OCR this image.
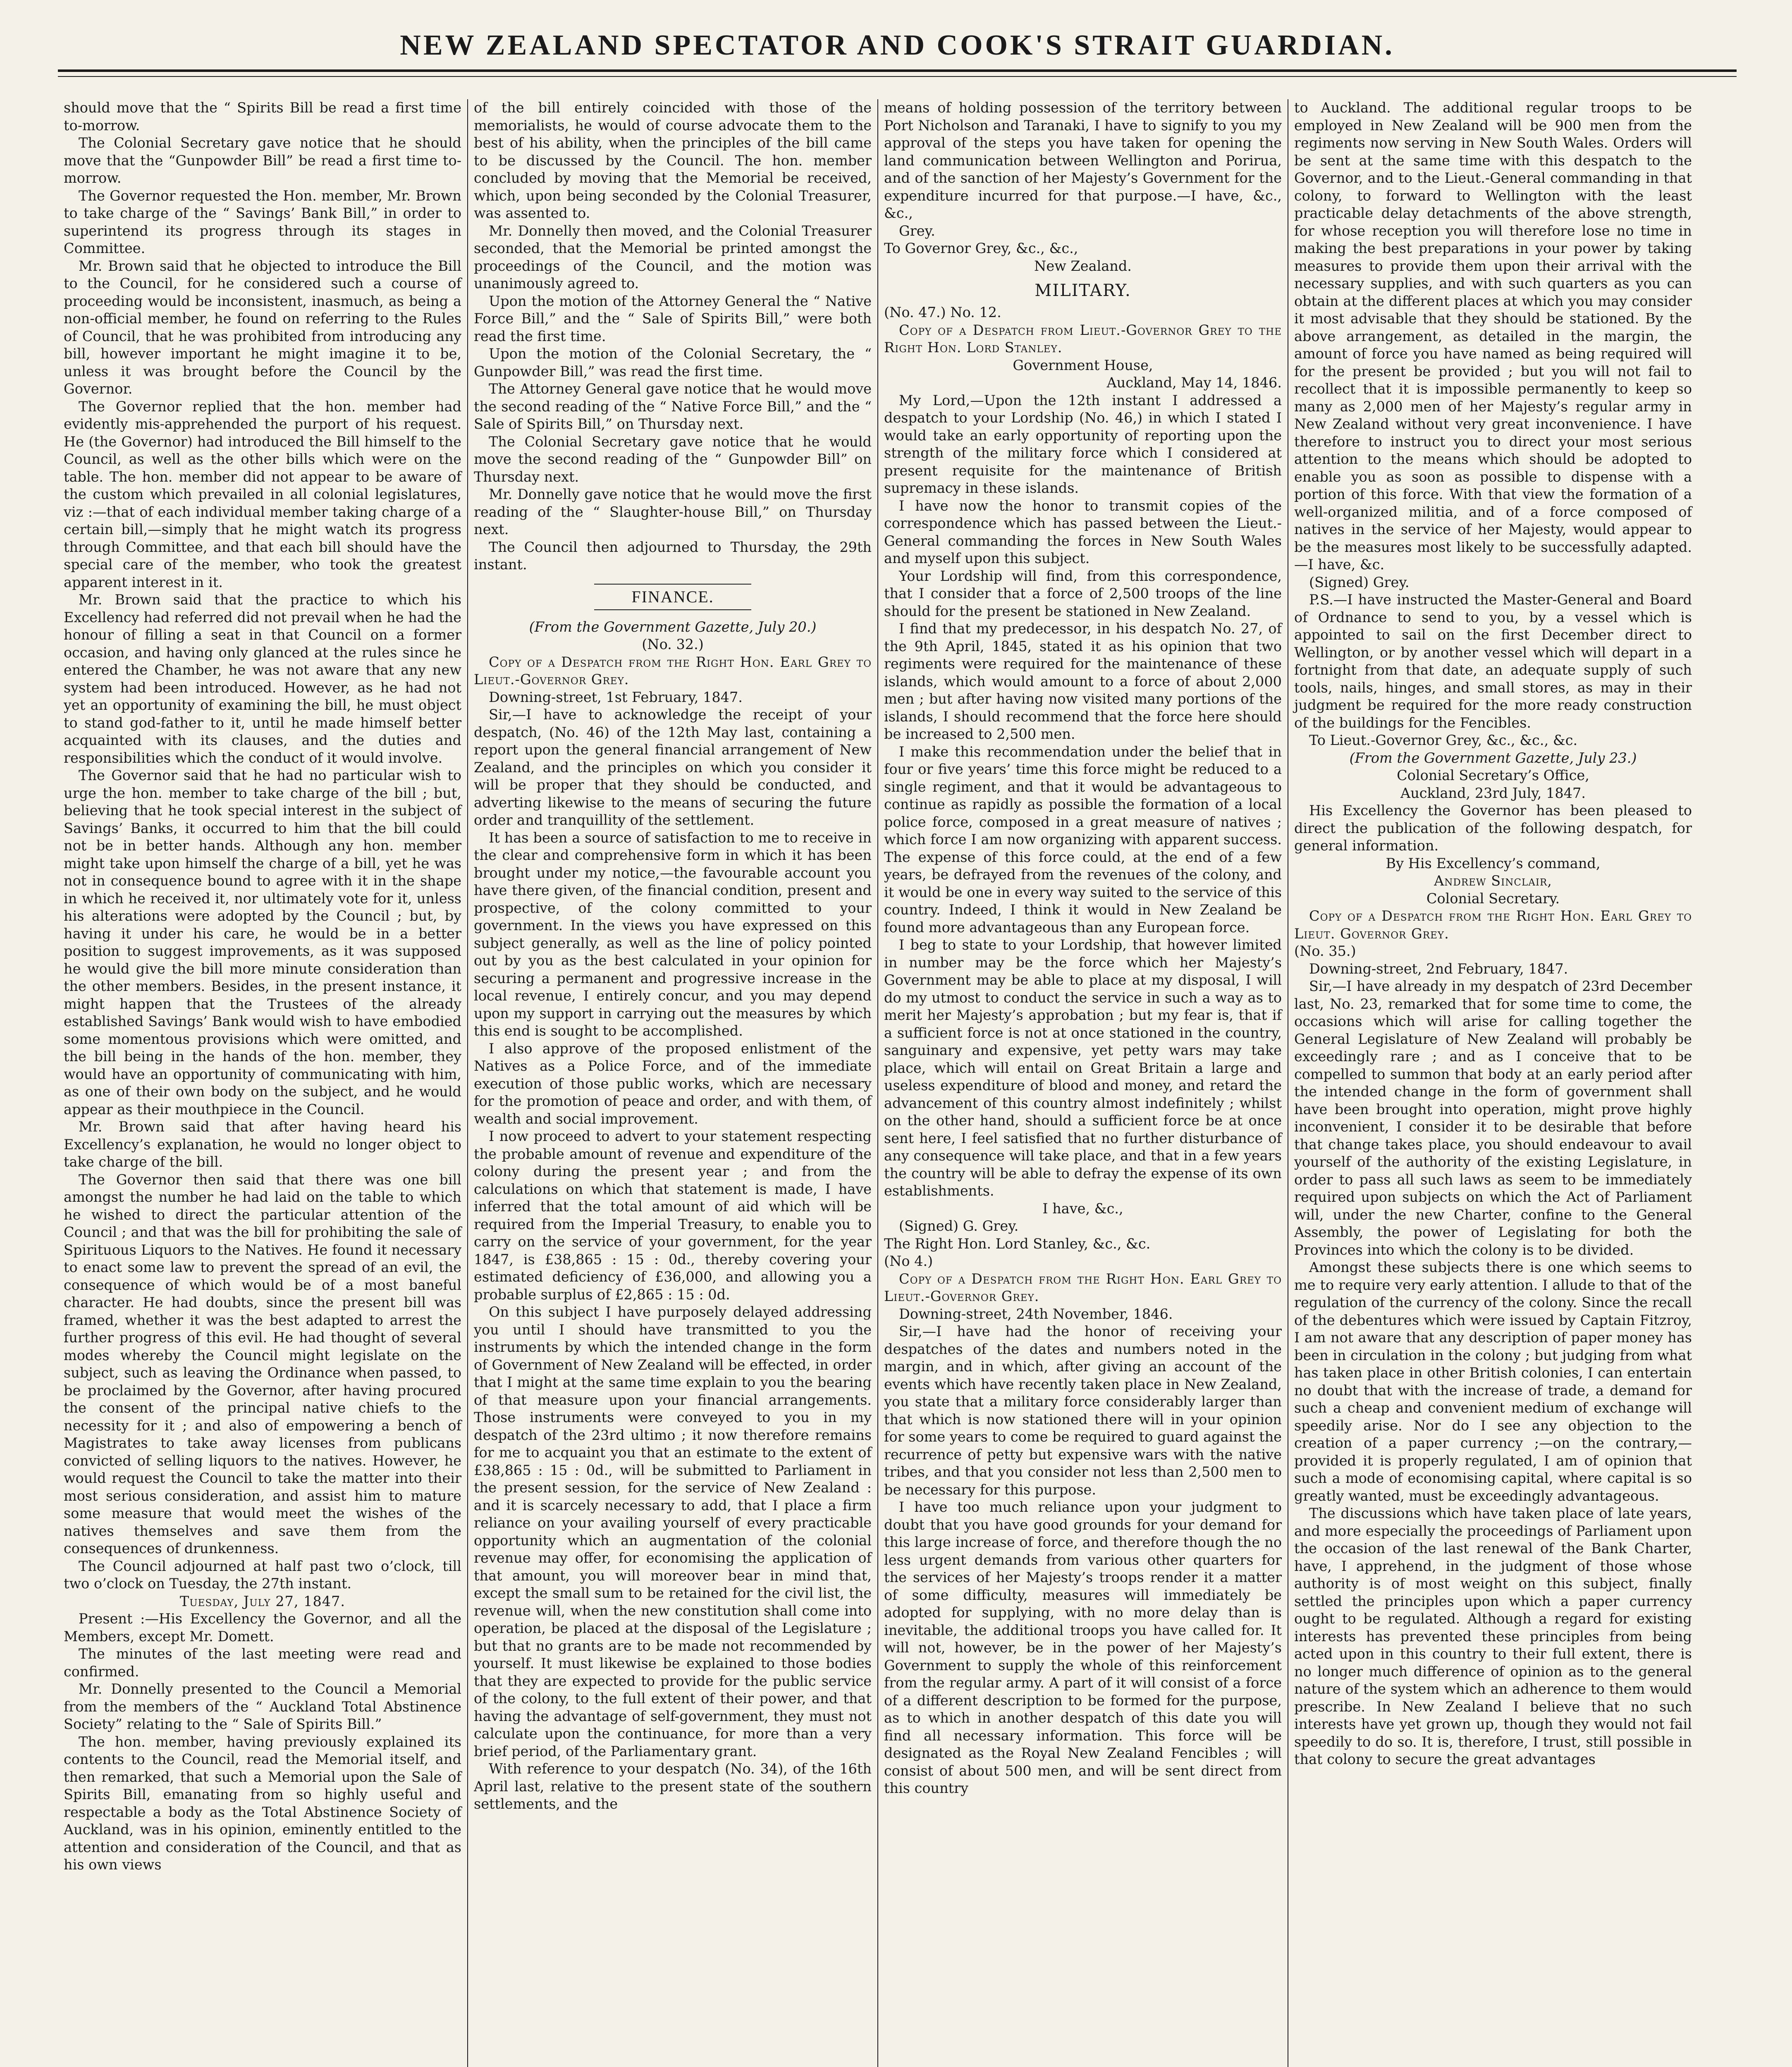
NEW ZEALAND SPECTATOR AND COOK'S STRAIT GUARDIAN.

should move that the “ Spirits Bill be read a first time to-morrow.

The Colonial Secretary gave notice that he should move that the “Gunpowder Bill” be read a first time to-morrow.

The Governor requested the Hon. member, Mr. Brown to take charge of the “ Savings’ Bank Bill,” in order to superintend its progress through its stages in Committee.

Mr. Brown said that he objected to introduce the Bill to the Council, for he considered such a course of proceeding would be inconsistent, inasmuch, as being a non-official member, he found on referring to the Rules of Council, that he was prohibited from introducing any bill, however important he might imagine it to be, unless it was brought before the Council by the Governor.

The Governor replied that the hon. member had evidently mis-apprehended the purport of his request. He (the Governor) had introduced the Bill himself to the Council, as well as the other bills which were on the table. The hon. member did not appear to be aware of the custom which prevailed in all colonial legislatures, viz :—that of each individual member taking charge of a certain bill,—simply that he might watch its progress through Committee, and that each bill should have the special care of the member, who took the greatest apparent interest in it.

Mr. Brown said that the practice to which his Excellency had referred did not prevail when he had the honour of filling a seat in that Council on a former occasion, and having only glanced at the rules since he entered the Chamber, he was not aware that any new system had been introduced. However, as he had not yet an opportunity of examining the bill, he must object to stand god-father to it, until he made himself better acquainted with its clauses, and the duties and responsibilities which the conduct of it would involve.

The Governor said that he had no particular wish to urge the hon. member to take charge of the bill ; but, believing that he took special interest in the subject of Savings’ Banks, it occurred to him that the bill could not be in better hands. Although any hon. member might take upon himself the charge of a bill, yet he was not in consequence bound to agree with it in the shape in which he received it, nor ultimately vote for it, unless his alterations were adopted by the Council ; but, by having it under his care, he would be in a better position to suggest improvements, as it was supposed he would give the bill more minute consideration than the other members. Besides, in the present instance, it might happen that the Trustees of the already established Savings’ Bank would wish to have embodied some momentous provisions which were omitted, and the bill being in the hands of the hon. member, they would have an opportunity of communicating with him, as one of their own body on the subject, and he would appear as their mouthpiece in the Council.

Mr. Brown said that after having heard his Excellency’s explanation, he would no longer object to take charge of the bill.

The Governor then said that there was one bill amongst the number he had laid on the table to which he wished to direct the particular attention of the Council ; and that was the bill for prohibiting the sale of Spirituous Liquors to the Natives. He found it necessary to enact some law to prevent the spread of an evil, the consequence of which would be of a most baneful character. He had doubts, since the present bill was framed, whether it was the best adapted to arrest the further progress of this evil. He had thought of several modes whereby the Council might legislate on the subject, such as leaving the Ordinance when passed, to be proclaimed by the Governor, after having procured the consent of the principal native chiefs to the necessity for it ; and also of empowering a bench of Magistrates to take away licenses from publicans convicted of selling liquors to the natives. However, he would request the Council to take the matter into their most serious consideration, and assist him to mature some measure that would meet the wishes of the natives themselves and save them from the consequences of drunkenness.

The Council adjourned at half past two o’clock, till two o’clock on Tuesday, the 27th instant.

Tuesday, July 27, 1847.

Present :—His Excellency the Governor, and all the Members, except Mr. Domett.

The minutes of the last meeting were read and confirmed.

Mr. Donnelly presented to the Council a Memorial from the members of the “ Auckland Total Abstinence Society” relating to the “ Sale of Spirits Bill.”

The hon. member, having previously explained its contents to the Council, read the Memorial itself, and then remarked, that such a Memorial upon the Sale of Spirits Bill, emanating from so highly useful and respectable a body as the Total Abstinence Society of Auckland, was in his opinion, eminently entitled to the attention and consideration of the Council, and that as his own views

of the bill entirely coincided with those of the memorialists, he would of course advocate them to the best of his ability, when the principles of the bill came to be discussed by the Council. The hon. member concluded by moving that the Memorial be received, which, upon being seconded by the Colonial Treasurer, was assented to.

Mr. Donnelly then moved, and the Colonial Treasurer seconded, that the Memorial be printed amongst the proceedings of the Council, and the motion was unanimously agreed to.

Upon the motion of the Attorney General the “ Native Force Bill,” and the “ Sale of Spirits Bill,” were both read the first time.

Upon the motion of the Colonial Secretary, the “ Gunpowder Bill,” was read the first time.

The Attorney General gave notice that he would move the second reading of the “ Native Force Bill,” and the “ Sale of Spirits Bill,” on Thursday next.

The Colonial Secretary gave notice that he would move the second reading of the “ Gunpowder Bill” on Thursday next.

Mr. Donnelly gave notice that he would move the first reading of the “ Slaughter-house Bill,” on Thursday next.

The Council then adjourned to Thursday, the 29th instant.

FINANCE.

(From the Government Gazette, July 20.)

(No. 32.)

Copy of a Despatch from the Right Hon. Earl Grey to Lieut.-Governor Grey.

Downing-street, 1st February, 1847.

Sir,—I have to acknowledge the receipt of your despatch, (No. 46) of the 12th May last, containing a report upon the general financial arrangement of New Zealand, and the principles on which you consider it will be proper that they should be conducted, and adverting likewise to the means of securing the future order and tranquillity of the settlement.

It has been a source of satisfaction to me to receive in the clear and comprehensive form in which it has been brought under my notice,—the favourable account you have there given, of the financial condition, present and prospective, of the colony committed to your government. In the views you have expressed on this subject generally, as well as the line of policy pointed out by you as the best calculated in your opinion for securing a permanent and progressive increase in the local revenue, I entirely concur, and you may depend upon my support in carrying out the measures by which this end is sought to be accomplished.

I also approve of the proposed enlistment of the Natives as a Police Force, and of the immediate execution of those public works, which are necessary for the promotion of peace and order, and with them, of wealth and social improvement.

I now proceed to advert to your statement respecting the probable amount of revenue and expenditure of the colony during the present year ; and from the calculations on which that statement is made, I have inferred that the total amount of aid which will be required from the Imperial Treasury, to enable you to carry on the service of your government, for the year 1847, is £38,865 : 15 : 0d., thereby covering your estimated deficiency of £36,000, and allowing you a probable surplus of £2,865 : 15 : 0d.

On this subject I have purposely delayed addressing you until I should have transmitted to you the instruments by which the intended change in the form of Government of New Zealand will be effected, in order that I might at the same time explain to you the bearing of that measure upon your financial arrangements. Those instruments were conveyed to you in my despatch of the 23rd ultimo ; it now therefore remains for me to acquaint you that an estimate to the extent of £38,865 : 15 : 0d., will be submitted to Parliament in the present session, for the service of New Zealand : and it is scarcely necessary to add, that I place a firm reliance on your availing yourself of every practicable opportunity which an augmentation of the colonial revenue may offer, for economising the application of that amount, you will moreover bear in mind that, except the small sum to be retained for the civil list, the revenue will, when the new constitution shall come into operation, be placed at the disposal of the Legislature ; but that no grants are to be made not recommended by yourself. It must likewise be explained to those bodies that they are expected to provide for the public service of the colony, to the full extent of their power, and that having the advantage of self-government, they must not calculate upon the continuance, for more than a very brief period, of the Parliamentary grant.

With reference to your despatch (No. 34), of the 16th April last, relative to the present state of the southern settlements, and the

means of holding possession of the territory between Port Nicholson and Taranaki, I have to signify to you my approval of the steps you have taken for opening the land communication between Wellington and Porirua, and of the sanction of her Majesty’s Government for the expenditure incurred for that purpose.—I have, &c., &c.,

Grey.

To Governor Grey, &c., &c.,

New Zealand.

MILITARY.

(No. 47.) No. 12.

Copy of a Despatch from Lieut.-Governor Grey to the Right Hon. Lord Stanley.

Government House,

Auckland, May 14, 1846.

My Lord,—Upon the 12th instant I addressed a despatch to your Lordship (No. 46,) in which I stated I would take an early opportunity of reporting upon the strength of the military force which I considered at present requisite for the maintenance of British supremacy in these islands.

I have now the honor to transmit copies of the correspondence which has passed between the Lieut.-General commanding the forces in New South Wales and myself upon this subject.

Your Lordship will find, from this correspondence, that I consider that a force of 2,500 troops of the line should for the present be stationed in New Zealand.

I find that my predecessor, in his despatch No. 27, of the 9th April, 1845, stated it as his opinion that two regiments were required for the maintenance of these islands, which would amount to a force of about 2,000 men ; but after having now visited many portions of the islands, I should recommend that the force here should be increased to 2,500 men.

I make this recommendation under the belief that in four or five years’ time this force might be reduced to a single regiment, and that it would be advantageous to continue as rapidly as possible the formation of a local police force, composed in a great measure of natives ; which force I am now organizing with apparent success. The expense of this force could, at the end of a few years, be defrayed from the revenues of the colony, and it would be one in every way suited to the service of this country. Indeed, I think it would in New Zealand be found more advantageous than any European force.

I beg to state to your Lordship, that however limited in number may be the force which her Majesty’s Government may be able to place at my disposal, I will do my utmost to conduct the service in such a way as to merit her Majesty’s approbation ; but my fear is, that if a sufficient force is not at once stationed in the country, sanguinary and expensive, yet petty wars may take place, which will entail on Great Britain a large and useless expenditure of blood and money, and retard the advancement of this country almost indefinitely ; whilst on the other hand, should a sufficient force be at once sent here, I feel satisfied that no further disturbance of any consequence will take place, and that in a few years the country will be able to defray the expense of its own establishments.

I have, &c.,

(Signed) G. Grey.

The Right Hon. Lord Stanley, &c., &c.

(No 4.)

Copy of a Despatch from the Right Hon. Earl Grey to Lieut.-Governor Grey.

Downing-street, 24th November, 1846.

Sir,—I have had the honor of receiving your despatches of the dates and numbers noted in the margin, and in which, after giving an account of the events which have recently taken place in New Zealand, you state that a military force considerably larger than that which is now stationed there will in your opinion for some years to come be required to guard against the recurrence of petty but expensive wars with the native tribes, and that you consider not less than 2,500 men to be necessary for this purpose.

I have too much reliance upon your judgment to doubt that you have good grounds for your demand for this large increase of force, and therefore though the no less urgent demands from various other quarters for the services of her Majesty’s troops render it a matter of some difficulty, measures will immediately be adopted for supplying, with no more delay than is inevitable, the additional troops you have called for. It will not, however, be in the power of her Majesty’s Government to supply the whole of this reinforcement from the regular army. A part of it will consist of a force of a different description to be formed for the purpose, as to which in another despatch of this date you will find all necessary information. This force will be designated as the Royal New Zealand Fencibles ; will consist of about 500 men, and will be sent direct from this country

to Auckland. The additional regular troops to be employed in New Zealand will be 900 men from the regiments now serving in New South Wales. Orders will be sent at the same time with this despatch to the Governor, and to the Lieut.-General commanding in that colony, to forward to Wellington with the least practicable delay detachments of the above strength, for whose reception you will therefore lose no time in making the best preparations in your power by taking measures to provide them upon their arrival with the necessary supplies, and with such quarters as you can obtain at the different places at which you may consider it most advisable that they should be stationed. By the above arrangement, as detailed in the margin, the amount of force you have named as being required will for the present be provided ; but you will not fail to recollect that it is impossible permanently to keep so many as 2,000 men of her Majesty’s regular army in New Zealand without very great inconvenience. I have therefore to instruct you to direct your most serious attention to the means which should be adopted to enable you as soon as possible to dispense with a portion of this force. With that view the formation of a well-organized militia, and of a force composed of natives in the service of her Majesty, would appear to be the measures most likely to be successfully adapted.—I have, &c.

(Signed) Grey.

P.S.—I have instructed the Master-General and Board of Ordnance to send to you, by a vessel which is appointed to sail on the first December direct to Wellington, or by another vessel which will depart in a fortnight from that date, an adequate supply of such tools, nails, hinges, and small stores, as may in their judgment be required for the more ready construction of the buildings for the Fencibles.

To Lieut.-Governor Grey, &c., &c., &c.

(From the Government Gazette, July 23.)

Colonial Secretary’s Office,

Auckland, 23rd July, 1847.

His Excellency the Governor has been pleased to direct the publication of the following despatch, for general information.

By His Excellency’s command,

Andrew Sinclair,

Colonial Secretary.

Copy of a Despatch from the Right Hon. Earl Grey to Lieut. Governor Grey.

(No. 35.)

Downing-street, 2nd February, 1847.

Sir,—I have already in my despatch of 23rd December last, No. 23, remarked that for some time to come, the occasions which will arise for calling together the General Legislature of New Zealand will probably be exceedingly rare ; and as I conceive that to be compelled to summon that body at an early period after the intended change in the form of government shall have been brought into operation, might prove highly inconvenient, I consider it to be desirable that before that change takes place, you should endeavour to avail yourself of the authority of the existing Legislature, in order to pass all such laws as seem to be immediately required upon subjects on which the Act of Parliament will, under the new Charter, confine to the General Assembly, the power of Legislating for both the Provinces into which the colony is to be divided.

Amongst these subjects there is one which seems to me to require very early attention. I allude to that of the regulation of the currency of the colony. Since the recall of the debentures which were issued by Captain Fitzroy, I am not aware that any description of paper money has been in circulation in the colony ; but judging from what has taken place in other British colonies, I can entertain no doubt that with the increase of trade, a demand for such a cheap and convenient medium of exchange will speedily arise. Nor do I see any objection to the creation of a paper currency ;—on the contrary,—provided it is properly regulated, I am of opinion that such a mode of economising capital, where capital is so greatly wanted, must be exceedingly advantageous.

The discussions which have taken place of late years, and more especially the proceedings of Parliament upon the occasion of the last renewal of the Bank Charter, have, I apprehend, in the judgment of those whose authority is of most weight on this subject, finally settled the principles upon which a paper currency ought to be regulated. Although a regard for existing interests has prevented these principles from being acted upon in this country to their full extent, there is no longer much difference of opinion as to the general nature of the system which an adherence to them would prescribe. In New Zealand I believe that no such interests have yet grown up, though they would not fail speedily to do so. It is, therefore, I trust, still possible in that colony to secure the great advantages
